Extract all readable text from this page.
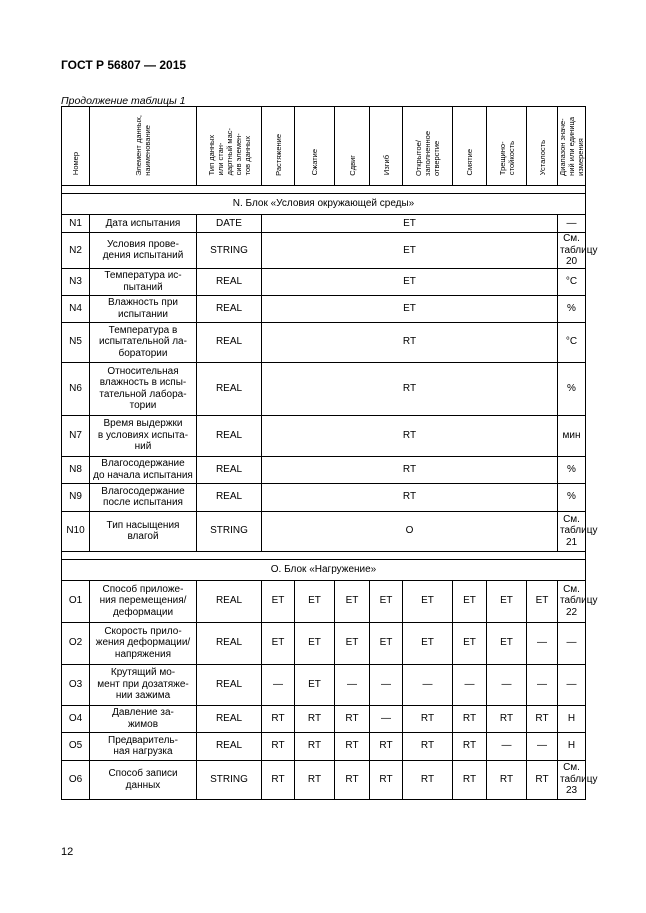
ГОСТ Р 56807 — 2015
Продолжение таблицы 1
Номер	Элемент данных,
наименование	Тип данных
или стан-
дартный мас-
сив элемен-
тов данных	Растяжение	Сжатие	Сдвиг	Изгиб	Открытое/
заполненное
отверстие	Смятие	Трещино-
стойкость	Усталость	Диапазон значе-
ний или единица
измерения

N. Блок «Условия окружающей среды»											
N1	Дата испытания	DATE	ET								—
N2	Условия прове-
дения испытаний	STRING	ET								См.
таблицу
20
N3	Температура ис-
пытаний	REAL	ET								°C
N4	Влажность при
испытании	REAL	ET								%
N5	Температура в
испытательной ла-
боратории	REAL	RT								°C
N6	Относительная
влажность в испы-
тательной лабора-
тории	REAL	RT								%
N7	Время выдержки
в условиях испыта-
ний	REAL	RT								мин
N8	Влагосодержание
до начала испытания	REAL	RT								%
N9	Влагосодержание
после испытания	REAL	RT								%
N10	Тип насыщения
влагой	STRING	O								См.
таблицу
21

O. Блок «Нагружение»											
O1	Способ приложе-
ния перемещения/
деформации	REAL	ET	ET	ET	ET	ET	ET	ET	ET	См.
таблицу
22
O2	Скорость прило-
жения деформации/
напряжения	REAL	ET	ET	ET	ET	ET	ET	ET	—	—
O3	Крутящий мо-
мент при дозатяже-
нии зажима	REAL	—	ET	—	—	—	—	—	—	—
O4	Давление за-
жимов	REAL	RT	RT	RT	—	RT	RT	RT	RT	Н
O5	Предваритель-
ная нагрузка	REAL	RT	RT	RT	RT	RT	RT	—	—	Н
O6	Способ записи
данных	STRING	RT	RT	RT	RT	RT	RT	RT	RT	См.
таблицу
23
12
